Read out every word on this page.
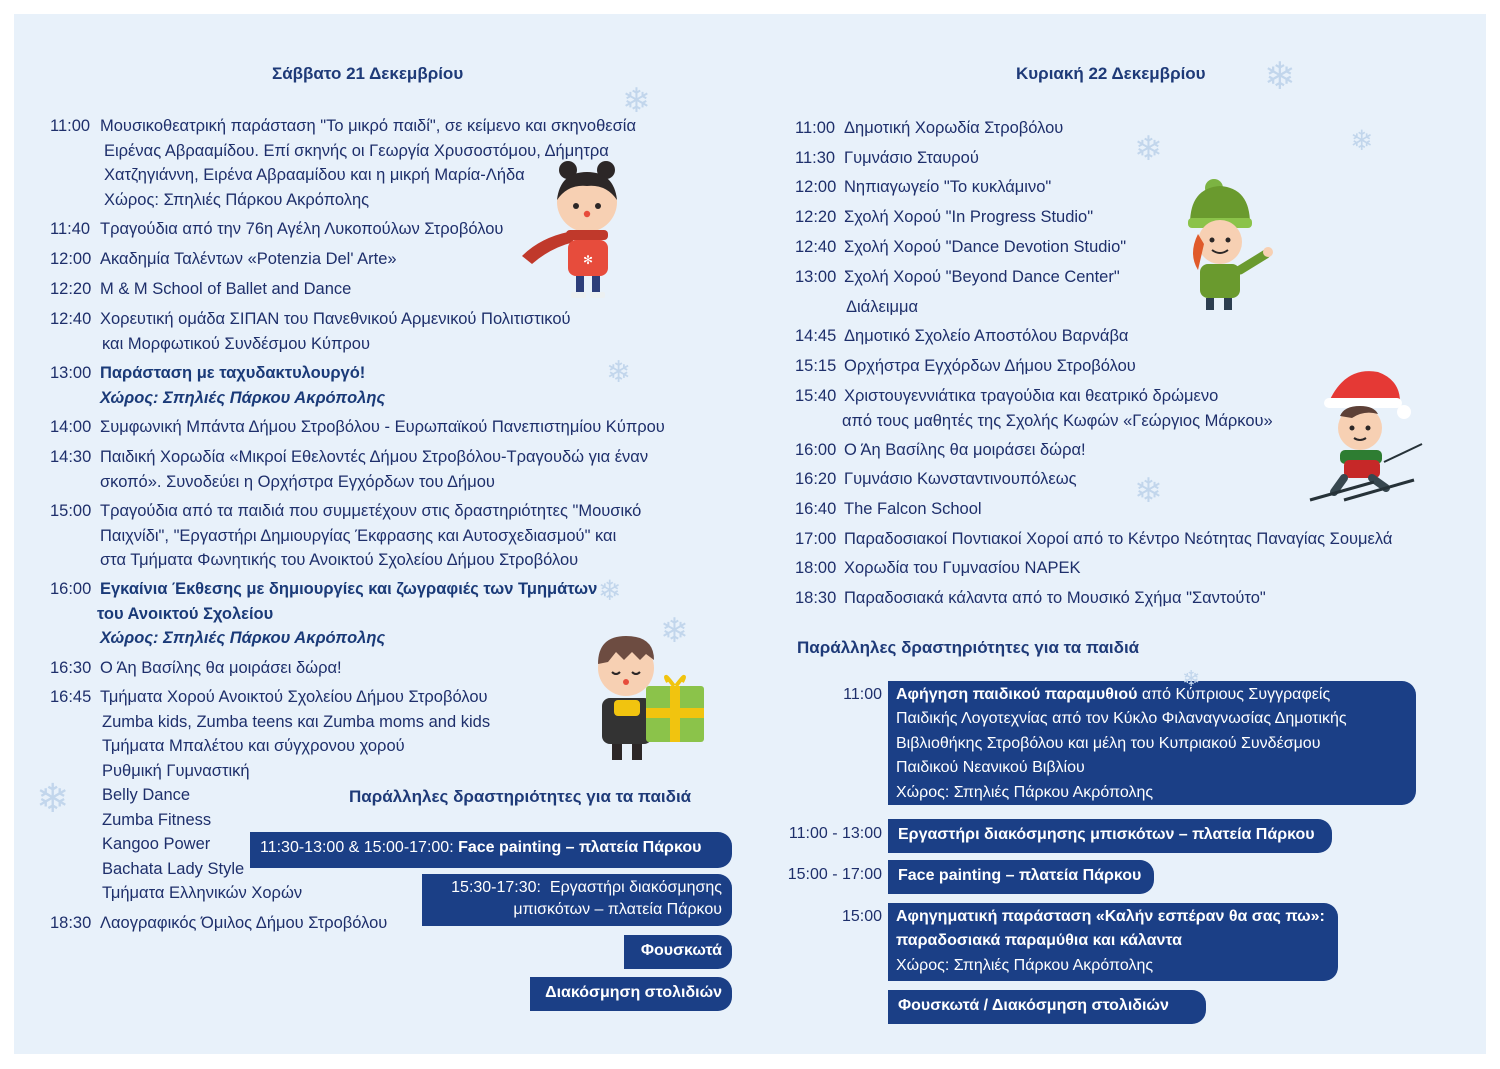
Σάββατο 21 Δεκεμβρίου
11:00 Μουσικοθεατρική παράσταση "Το μικρό παιδί", σε κείμενο και σκηνοθεσία
Ειρένας Αβρααμίδου. Επί σκηνής οι Γεωργία Χρυσοστόμου, Δήμητρα
Χατζηγιάννη, Ειρένα Αβρααμίδου και η μικρή Μαρία-Λήδα
Χώρος: Σπηλιές Πάρκου Ακρόπολης
11:40 Τραγούδια από την 76η Αγέλη Λυκοπούλων Στροβόλου
12:00 Ακαδημία Ταλέντων «Potenzia Del' Arte»
12:20 M & M School of Ballet and Dance
12:40 Χορευτική ομάδα ΣΙΠΑΝ του Πανεθνικού Αρμενικού Πολιτιστικού
και Μορφωτικού Συνδέσμου Κύπρου
13:00 Παράσταση με ταχυδακτυλουργό!
Χώρος: Σπηλιές Πάρκου Ακρόπολης
14:00 Συμφωνική Μπάντα Δήμου Στροβόλου - Ευρωπαϊκού Πανεπιστημίου Κύπρου
14:30 Παιδική Χορωδία «Μικροί Εθελοντές Δήμου Στροβόλου-Τραγουδώ για έναν
σκοπό». Συνοδεύει η Ορχήστρα Εγχόρδων του Δήμου
15:00 Τραγούδια από τα παιδιά που συμμετέχουν στις δραστηριότητες "Μουσικό
Παιχνίδι", "Εργαστήρι Δημιουργίας Έκφρασης και Αυτοσχεδιασμού" και
στα Τμήματα Φωνητικής του Ανοικτού Σχολείου Δήμου Στροβόλου
16:00 Εγκαίνια Έκθεσης με δημιουργίες και ζωγραφιές των Τμημάτων
του Ανοικτού Σχολείου
Χώρος: Σπηλιές Πάρκου Ακρόπολης
16:30 Ο Άη Βασίλης θα μοιράσει δώρα!
16:45 Τμήματα Χορού Ανοικτού Σχολείου Δήμου Στροβόλου
Zumba kids, Zumba teens και Zumba moms and kids
Τμήματα Μπαλέτου και σύγχρονου χορού
Ρυθμική Γυμναστική
Belly Dance
Zumba Fitness
Kangoo Power
Bachata Lady Style
Τμήματα Ελληνικών Χορών
18:30 Λαογραφικός Όμιλος Δήμου Στροβόλου
Παράλληλες δραστηριότητες για τα παιδιά
11:30-13:00 & 15:00-17:00: Face painting – πλατεία Πάρκου
15:30-17:30: Εργαστήρι διακόσμησης
μπισκότων – πλατεία Πάρκου
Φουσκωτά
Διακόσμηση στολιδιών
Κυριακή 22 Δεκεμβρίου
11:00 Δημοτική Χορωδία Στροβόλου
11:30 Γυμνάσιο Σταυρού
12:00 Νηπιαγωγείο "Το κυκλάμινο"
12:20 Σχολή Χορού "In Progress Studio"
12:40 Σχολή Χορού "Dance Devotion Studio"
13:00 Σχολή Χορού "Beyond Dance Center"
Διάλειμμα
14:45 Δημοτικό Σχολείο Αποστόλου Βαρνάβα
15:15 Ορχήστρα Εγχόρδων Δήμου Στροβόλου
15:40 Χριστουγεννιάτικα τραγούδια και θεατρικό δρώμενο
από τους μαθητές της Σχολής Κωφών «Γεώργιος Μάρκου»
16:00 Ο Άη Βασίλης θα μοιράσει δώρα!
16:20 Γυμνάσιο Κωνσταντινουπόλεως
16:40 The Falcon School
17:00 Παραδοσιακοί Ποντιακοί Χοροί από το Κέντρο Νεότητας Παναγίας Σουμελά
18:00 Χορωδία του Γυμνασίου ΝΑΡΕΚ
18:30 Παραδοσιακά κάλαντα από το Μουσικό Σχήμα "Σαντούτο"
Παράλληλες δραστηριότητες για τα παιδιά
11:00 Αφήγηση παιδικού παραμυθιού από Κύπριους Συγγραφείς
Παιδικής Λογοτεχνίας από τον Κύκλο Φιλαναγνωσίας Δημοτικής
Βιβλιοθήκης Στροβόλου και μέλη του Κυπριακού Συνδέσμου
Παιδικού Νεανικού Βιβλίου
Χώρος: Σπηλιές Πάρκου Ακρόπολης
11:00 - 13:00	Εργαστήρι διακόσμησης μπισκότων – πλατεία Πάρκου
15:00 - 17:00	Face painting – πλατεία Πάρκου
15:00 Αφηγηματική παράσταση «Καλήν εσπέραν θα σας πω»:
παραδοσιακά παραμύθια και κάλαντα
Χώρος: Σπηλιές Πάρκου Ακρόπολης
Φουσκωτά / Διακόσμηση στολιδιών
❄
❄
❄	❄
❄
❄
❄
❄
❄
❄
✻
